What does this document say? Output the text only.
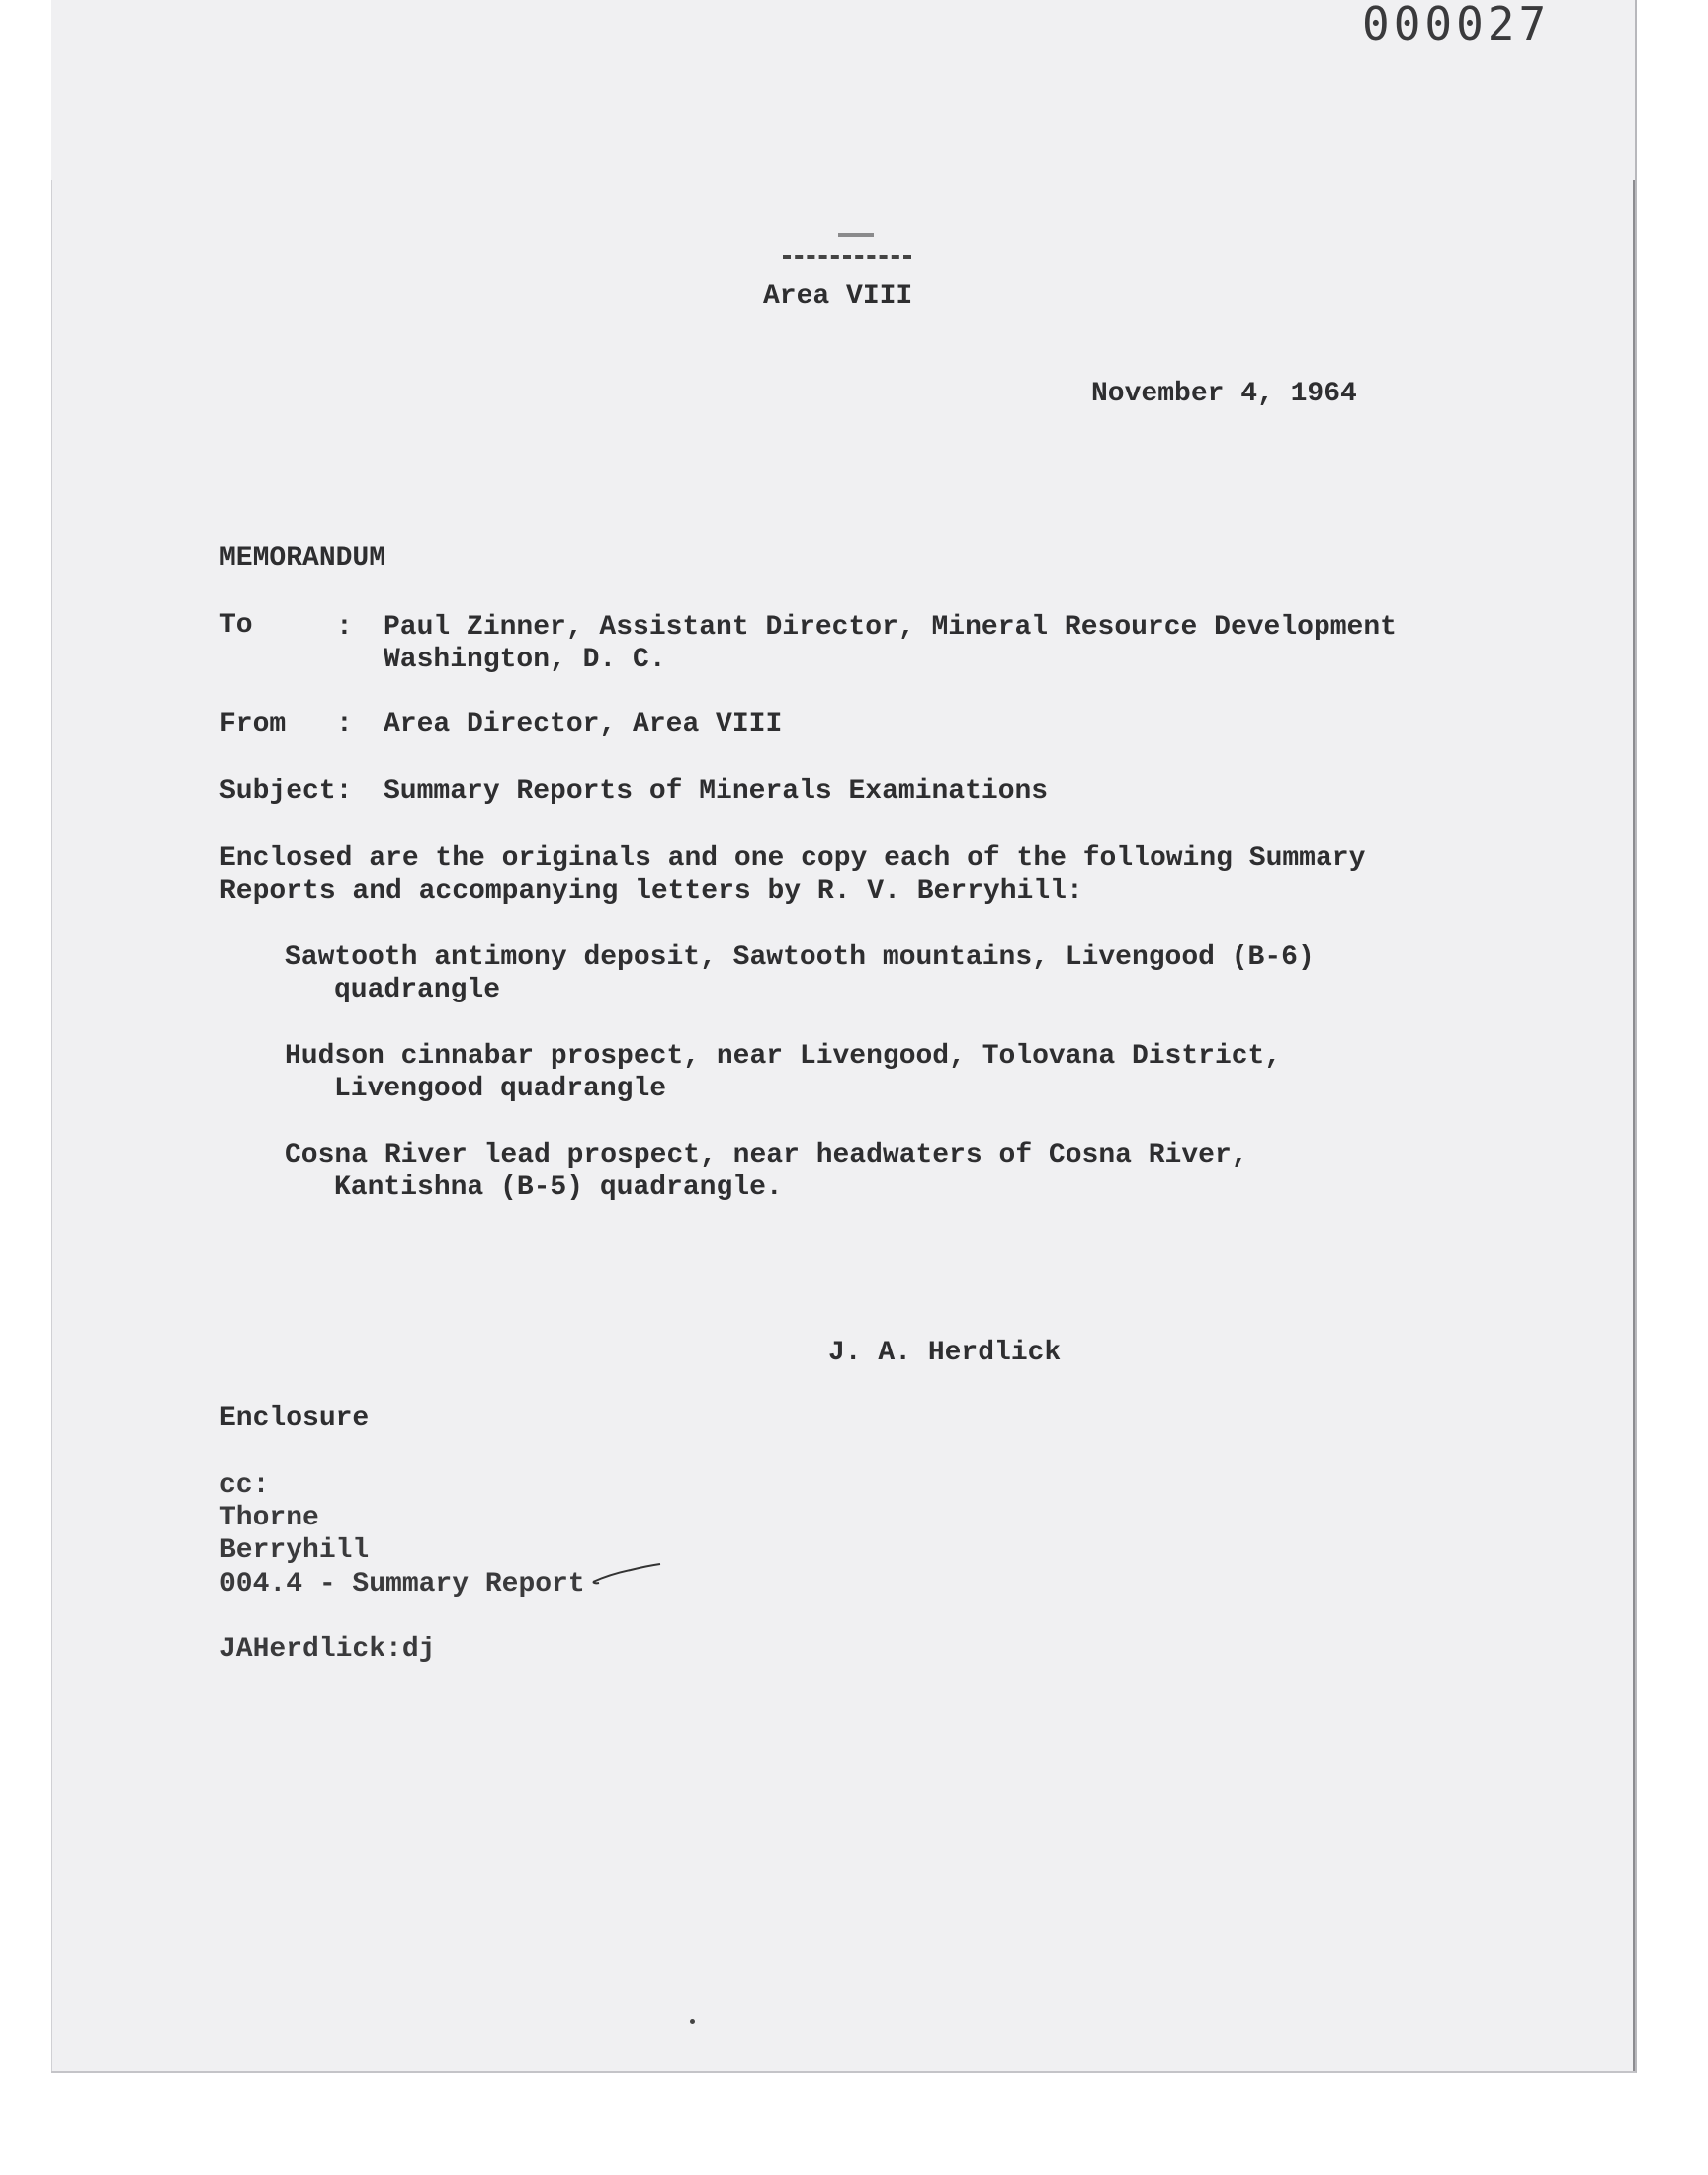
000027
Area VIII
November 4, 1964
MEMORANDUM
To	: Paul Zinner, Assistant Director, Mineral Resource Development
Washington, D. C.
From : Area Director, Area VIII
Subject: Summary Reports of Minerals Examinations
Enclosed are the originals and one copy each of the following Summary
Reports and accompanying letters by R. V. Berryhill:
Sawtooth antimony deposit, Sawtooth mountains, Livengood (B-6)
quadrangle
Hudson cinnabar prospect, near Livengood, Tolovana District,
Livengood quadrangle
Cosna River lead prospect, near headwaters of Cosna River,
Kantishna (B-5) quadrangle.
J. A. Herdlick
Enclosure
cc:
Thorne
Berryhill
004.4 - Summary Report
JAHerdlick:dj
